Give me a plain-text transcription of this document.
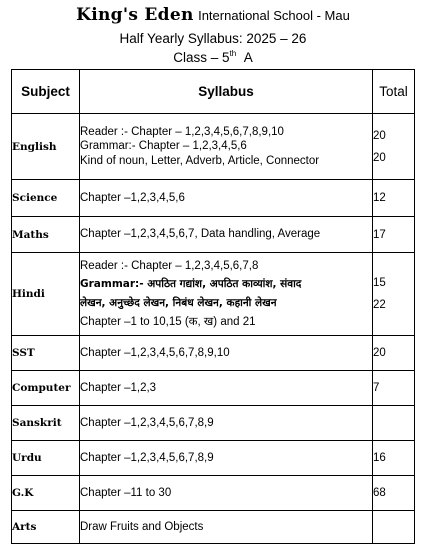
King's Eden International School - Mau
Half Yearly Syllabus: 2025 – 26
Class – 5th A
Subject	Syllabus	Total
English	Reader :- Chapter – 1,2,3,4,5,6,7,8,9,10
Grammar:- Chapter – 1,2,3,4,5,6
Kind of noun, Letter, Adverb, Article, Connector	20
20

Science	Chapter –1,2,3,4,5,6	12
Maths	Chapter –1,2,3,4,5,6,7, Data handling, Average	17
Hindi	Reader :- Chapter – 1,2,3,4,5,6,7,8
Grammar:- अपठित गद्यांश, अपठित काव्यांश, संवाद
लेखन, अनुच्छेद लेखन, निबंध लेखन, कहानी लेखन
Chapter –1 to 10,15 (क, ख) and 21	15
22

SST	Chapter –1,2,3,4,5,6,7,8,9,10	20
Computer	Chapter –1,2,3	7
Sanskrit	Chapter –1,2,3,4,5,6,7,8,9	
Urdu	Chapter –1,2,3,4,5,6,7,8,9	16
G.K	Chapter –11 to 30	68
Arts	Draw Fruits and Objects	
